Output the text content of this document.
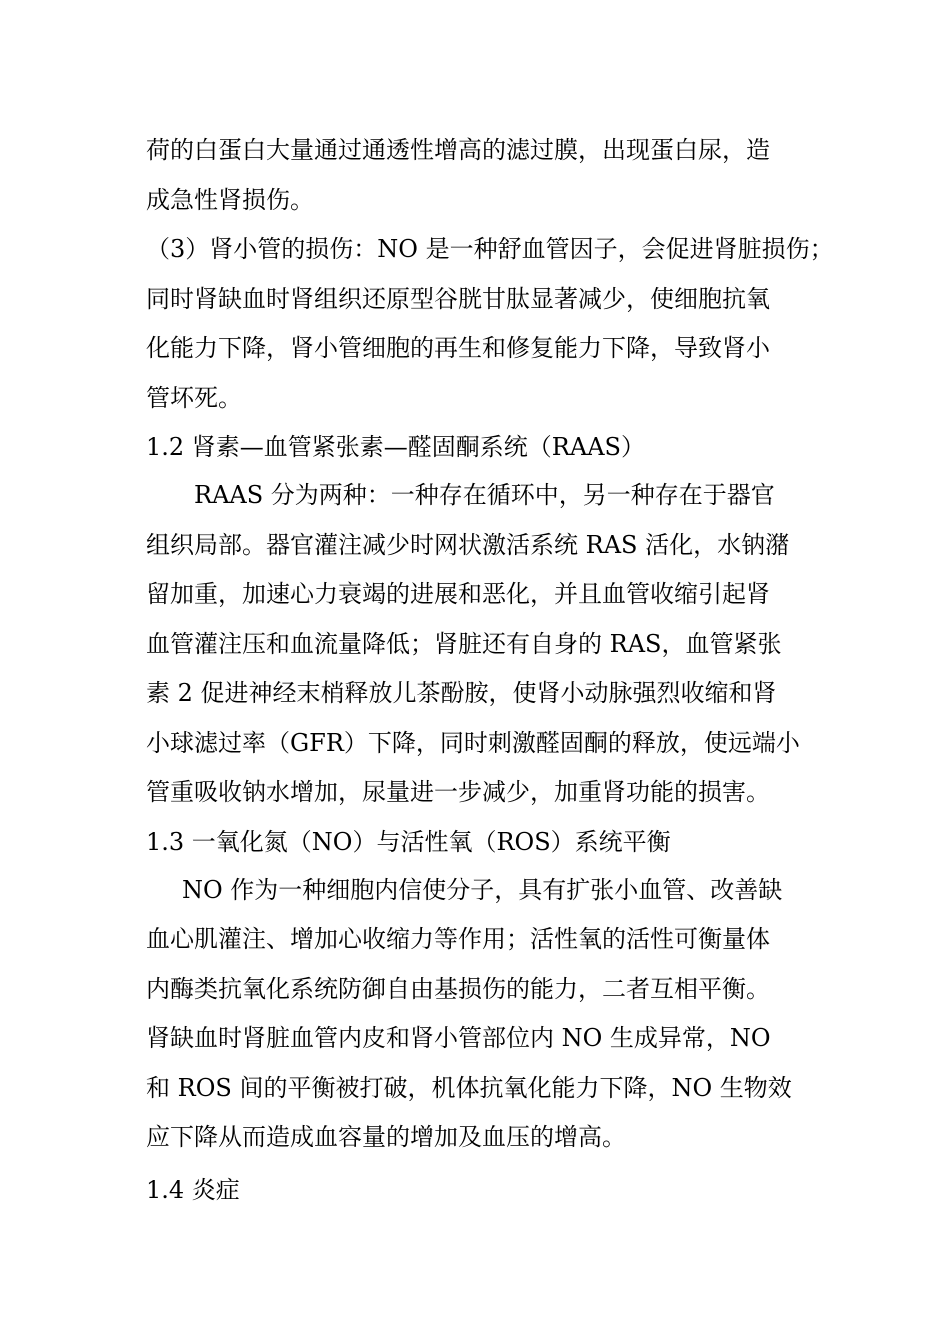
荷的白蛋白大量通过通透性增高的滤过膜，出现蛋白尿，造
成急性肾损伤。
（3）肾小管的损伤：NO 是一种舒血管因子，会促进肾脏损伤；
同时肾缺血时肾组织还原型谷胱甘肽显著减少，使细胞抗氧
化能力下降，肾小管细胞的再生和修复能力下降，导致肾小
管坏死。
1.2 肾素—血管紧张素—醛固酮系统（RAAS）
RAAS 分为两种：一种存在循环中，另一种存在于器官
组织局部。器官灌注减少时网状激活系统 RAS 活化，水钠潴
留加重，加速心力衰竭的进展和恶化，并且血管收缩引起肾
血管灌注压和血流量降低；肾脏还有自身的 RAS，血管紧张
素 2 促进神经末梢释放儿茶酚胺，使肾小动脉强烈收缩和肾
小球滤过率（GFR）下降，同时刺激醛固酮的释放，使远端小
管重吸收钠水增加，尿量进一步减少，加重肾功能的损害。
1.3 一氧化氮（NO）与活性氧（ROS）系统平衡
NO 作为一种细胞内信使分子，具有扩张小血管、改善缺
血心肌灌注、增加心收缩力等作用；活性氧的活性可衡量体
内酶类抗氧化系统防御自由基损伤的能力，二者互相平衡。
肾缺血时肾脏血管内皮和肾小管部位内 NO 生成异常，NO
和 ROS 间的平衡被打破，机体抗氧化能力下降，NO 生物效
应下降从而造成血容量的增加及血压的增高。
1.4 炎症
